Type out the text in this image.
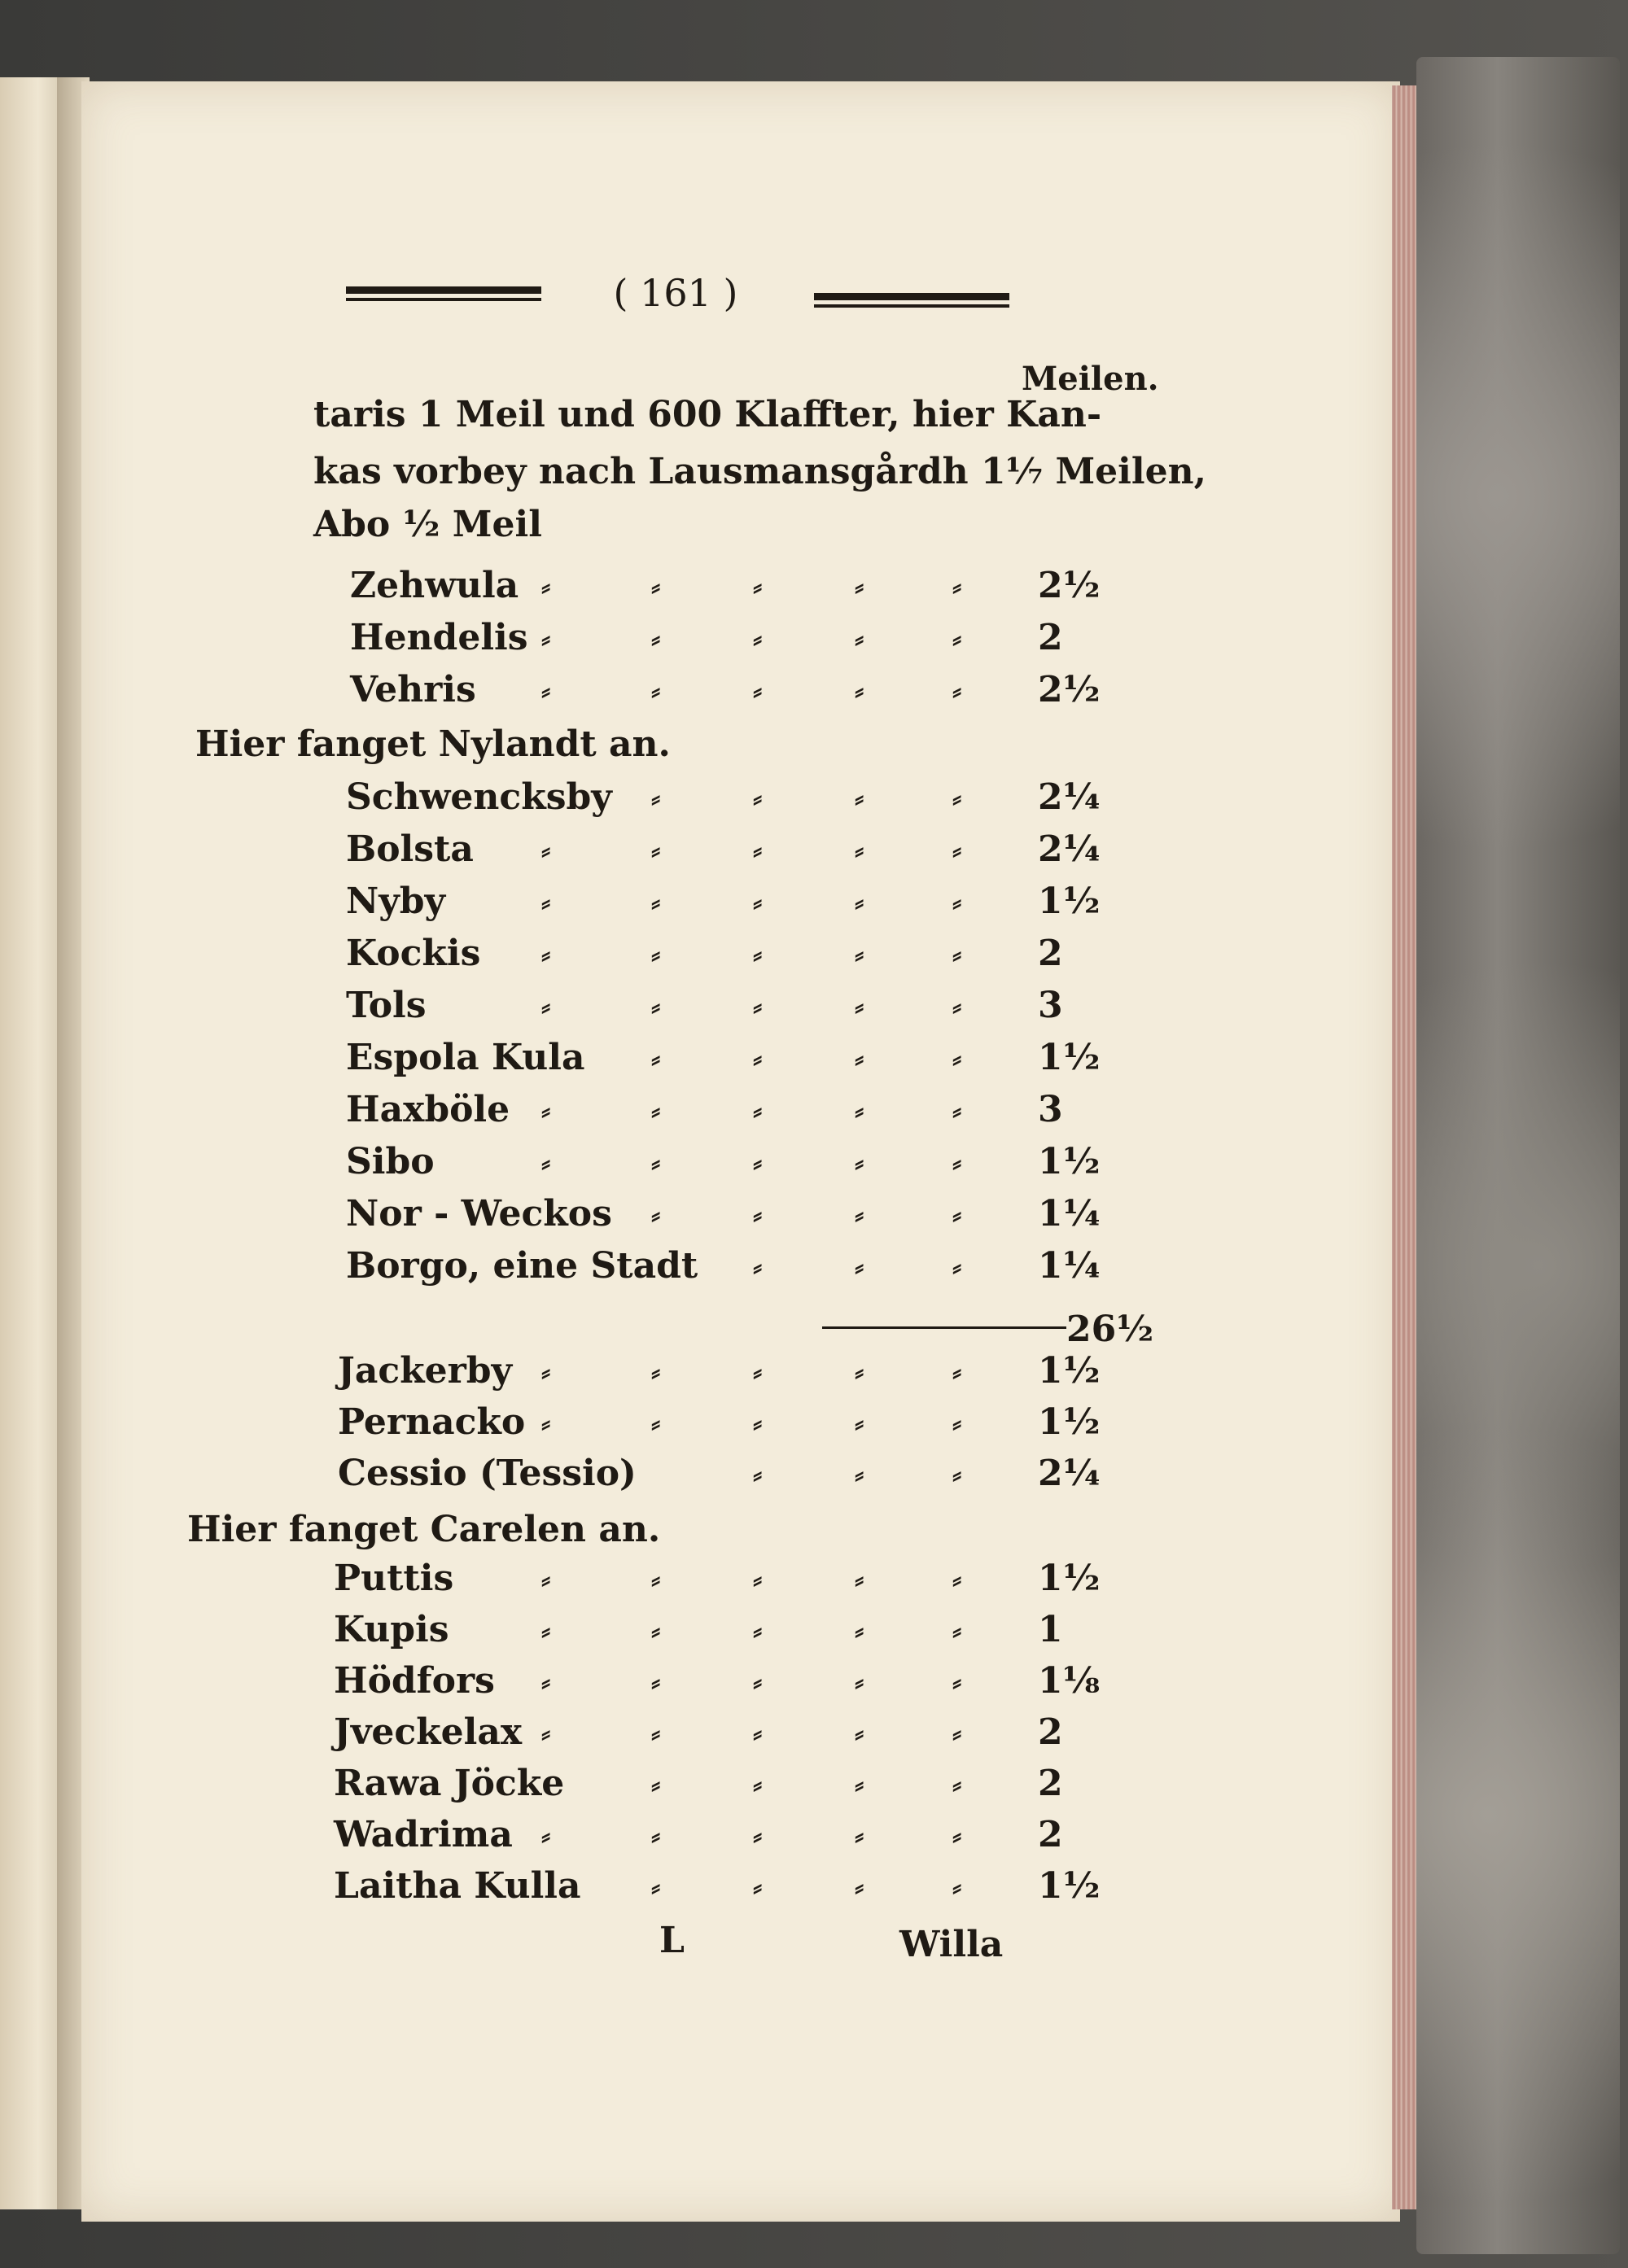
( 161 )
Meilen.
taris 1 Meil und 600 Klaffter, hier Kan-
kas vorbey nach Lausmansgårdh 1⅐ Meilen,
Abo ½ Meil
Zehwula ⸗	⸗	⸗	⸗	⸗ 2½
Hendelis ⸗	⸗	⸗	⸗	⸗ 2
Vehris ⸗	⸗	⸗	⸗	⸗ 2½
Hier fanget Nylandt an.
Schwencksby ⸗	⸗	⸗	⸗ 2¼
Bolsta ⸗	⸗	⸗	⸗	⸗ 2¼
Nyby	⸗	⸗	⸗	⸗	⸗ 1½
Kockis ⸗	⸗	⸗	⸗	⸗ 2
Tols	⸗	⸗	⸗	⸗	⸗ 3
Espola Kula ⸗	⸗	⸗	⸗ 1½
Haxböle ⸗	⸗	⸗	⸗	⸗ 3
Sibo	⸗	⸗	⸗	⸗	⸗ 1½
Nor - Weckos ⸗	⸗	⸗	⸗ 1¼
Borgo, eine Stadt ⸗	⸗	⸗ 1¼
26½
Jackerby ⸗	⸗	⸗	⸗	⸗ 1½
Pernacko ⸗	⸗	⸗	⸗	⸗ 1½
Cessio (Tessio)	⸗	⸗	⸗ 2¼
Hier fanget Carelen an.
Puttis	⸗	⸗	⸗	⸗	⸗ 1½
Kupis	⸗	⸗	⸗	⸗	⸗ 1
Hödfors ⸗	⸗	⸗	⸗	⸗ 1⅛
Jveckelax ⸗	⸗	⸗	⸗	⸗ 2
Rawa Jöcke	⸗	⸗	⸗	⸗ 2
Wadrima ⸗	⸗	⸗	⸗	⸗ 2
Laitha Kulla	⸗	⸗	⸗	⸗ 1½
L	Willa
